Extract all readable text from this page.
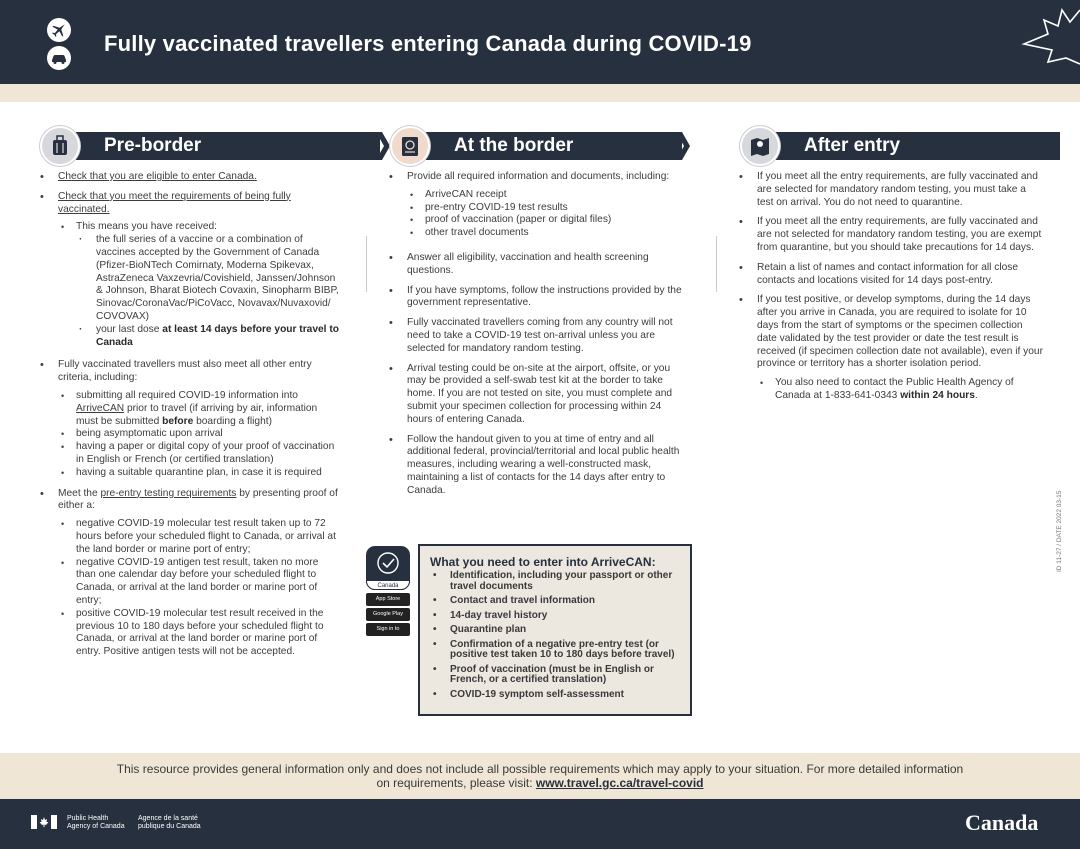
Fully vaccinated travellers entering Canada during COVID-19
Pre-border	At the border	After entry
• Check that you are eligible to enter Canada.
• Check that you meet the requirements of being fully vaccinated.
• This means you have received:
· the full series of a vaccine or a combination of vaccines accepted by the Government of Canada (Pfizer-BioNTech Comirnaty, Moderna Spikevax, AstraZeneca Vaxzevria/Covishield, Janssen/Johnson & Johnson, Bharat Biotech Covaxin, Sinopharm BIBP, Sinovac/CoronaVac/PiCoVacc, Novavax/Nuvaxovid/ COVOVAX)
· your last dose at least 14 days before your travel to Canada
• Fully vaccinated travellers must also meet all other entry criteria, including:
• submitting all required COVID-19 information into ArriveCAN prior to travel (if arriving by air, information must be submitted before boarding a flight)
• being asymptomatic upon arrival
• having a paper or digital copy of your proof of vaccination in English or French (or certified translation)
• having a suitable quarantine plan, in case it is required
• Meet the pre-entry testing requirements by presenting proof of either a:
• negative COVID-19 molecular test result taken up to 72 hours before your scheduled flight to Canada, or arrival at the land border or marine port of entry;
• negative COVID-19 antigen test result, taken no more than one calendar day before your scheduled flight to Canada, or arrival at the land border or marine port of entry;
• positive COVID-19 molecular test result received in the previous 10 to 180 days before your scheduled flight to Canada, or arrival at the land border or marine port of entry. Positive antigen tests will not be accepted.
• Provide all required information and documents, including:
• ArriveCAN receipt
• pre-entry COVID-19 test results
• proof of vaccination (paper or digital files)
• other travel documents
• Answer all eligibility, vaccination and health screening questions.
• If you have symptoms, follow the instructions provided by the government representative.
• Fully vaccinated travellers coming from any country will not need to take a COVID-19 test on-arrival unless you are selected for mandatory random testing.
• Arrival testing could be on-site at the airport, offsite, or you may be provided a self-swab test kit at the border to take home. If you are not tested on site, you must complete and submit your specimen collection for processing within 24 hours of entering Canada.
• Follow the handout given to you at time of entry and all additional federal, provincial/territorial and local public health measures, including wearing a well-constructed mask, maintaining a list of contacts for the 14 days after entry to Canada.
• If you meet all the entry requirements, are fully vaccinated and are selected for mandatory random testing, you must take a test on arrival. You do not need to quarantine.
• If you meet all the entry requirements, are fully vaccinated and are not selected for mandatory random testing, you are exempt from quarantine, but you should take precautions for 14 days.
• Retain a list of names and contact information for all close contacts and locations visited for 14 days post-entry.
• If you test positive, or develop symptoms, during the 14 days after you arrive in Canada, you are required to isolate for 10 days from the start of symptoms or the specimen collection date validated by the test provider or date the test result is received (if specimen collection date not available), even if your province or territory has a shorter isolation period.
• You also need to contact the Public Health Agency of Canada at 1-833-641-0343 within 24 hours.
Canada
App Store
Google Play
Sign in to ArriveCAN
What you need to enter into ArriveCAN:
• Identification, including your passport or other travel documents
• Contact and travel information
• 14-day travel history
• Quarantine plan
• Confirmation of a negative pre-entry test (or positive test taken 10 to 180 days before travel)
• Proof of vaccination (must be in English or French, or a certified translation)
• COVID-19 symptom self-assessment
ID 11-27 / DATE 2022 03-15
This resource provides general information only and does not include all possible requirements which may apply to your situation. For more detailed information
on requirements, please visit: www.travel.gc.ca/travel-covid
Public Health
Agency of Canada
Agence de la santé
publique du Canada	Canada
